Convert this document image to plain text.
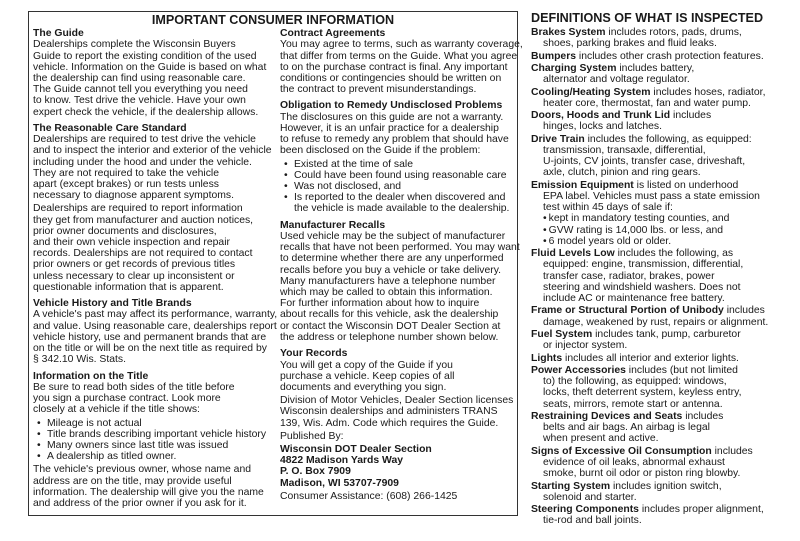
IMPORTANT CONSUMER INFORMATION
The Guide
Dealerships complete the Wisconsin Buyers
Guide to report the existing condition of the used
vehicle. Information on the Guide is based on what
the dealership can find using reasonable care.
The Guide cannot tell you everything you need
to know. Test drive the vehicle. Have your own
expert check the vehicle, if the dealership allows.
The Reasonable Care Standard
Dealerships are required to test drive the vehicle
and to inspect the interior and exterior of the vehicle
including under the hood and under the vehicle.
They are not required to take the vehicle
apart (except brakes) or run tests unless
necessary to diagnose apparent symptoms.
Dealerships are required to report information
they get from manufacturer and auction notices,
prior owner documents and disclosures,
and their own vehicle inspection and repair
records. Dealerships are not required to contact
prior owners or get records of previous titles
unless necessary to clear up inconsistent or
questionable information that is apparent.
Vehicle History and Title Brands
A vehicle's past may affect its performance, warranty,
and value. Using reasonable care, dealerships report
vehicle history, use and permanent brands that are
on the title or will be on the next title as required by
§ 342.10 Wis. Stats.
Information on the Title
Be sure to read both sides of the title before
you sign a purchase contract. Look more
closely at a vehicle if the title shows:
• Mileage is not actual
• Title brands describing important vehicle history
• Many owners since last title was issued
• A dealership as titled owner.
The vehicle's previous owner, whose name and
address are on the title, may provide useful
information. The dealership will give you the name
and address of the prior owner if you ask for it.
Contract Agreements
You may agree to terms, such as warranty coverage,
that differ from terms on the Guide. What you agree
to on the purchase contract is final. Any important
conditions or contingencies should be written on
the contract to prevent misunderstandings.
Obligation to Remedy Undisclosed Problems
The disclosures on this guide are not a warranty.
However, it is an unfair practice for a dealership
to refuse to remedy any problem that should have
been disclosed on the Guide if the problem:
• Existed at the time of sale
• Could have been found using reasonable care
• Was not disclosed, and
• Is reported to the dealer when discovered and
the vehicle is made available to the dealership.
Manufacturer Recalls
Used vehicle may be the subject of manufacturer
recalls that have not been performed. You may want
to determine whether there are any unperformed
recalls before you buy a vehicle or take delivery.
Many manufacturers have a telephone number
which may be called to obtain this information.
For further information about how to inquire
about recalls for this vehicle, ask the dealership
or contact the Wisconsin DOT Dealer Section at
the address or telephone number shown below.
Your Records
You will get a copy of the Guide if you
purchase a vehicle. Keep copies of all
documents and everything you sign.
Division of Motor Vehicles, Dealer Section licenses
Wisconsin dealerships and administers TRANS
139, Wis. Adm. Code which requires the Guide.
Published By:
Wisconsin DOT Dealer Section
4822 Madison Yards Way
P. O. Box 7909
Madison, WI 53707-7909
Consumer Assistance: (608) 266-1425
DEFINITIONS OF WHAT IS INSPECTED
Brakes System includes rotors, pads, drums,
shoes, parking brakes and fluid leaks.
Bumpers includes other crash protection features.
Charging System includes battery,
alternator and voltage regulator.
Cooling/Heating System includes hoses, radiator,
heater core, thermostat, fan and water pump.
Doors, Hoods and Trunk Lid includes
hinges, locks and latches.
Drive Train includes the following, as equipped:
transmission, transaxle, differential,
U-joints, CV joints, transfer case, driveshaft,
axle, clutch, pinion and ring gears.
Emission Equipment is listed on underhood
EPA label. Vehicles must pass a state emission
test within 45 days of sale if:
• kept in mandatory testing counties, and
• GVW rating is 14,000 lbs. or less, and
• 6 model years old or older.
Fluid Levels Low includes the following, as
equipped: engine, transmission, differential,
transfer case, radiator, brakes, power
steering and windshield washers. Does not
include AC or maintenance free battery.
Frame or Structural Portion of Unibody includes
damage, weakened by rust, repairs or alignment.
Fuel System includes tank, pump, carburetor
or injector system.
Lights includes all interior and exterior lights.
Power Accessories includes (but not limited
to) the following, as equipped: windows,
locks, theft deterrent system, keyless entry,
seats, mirrors, remote start or antenna.
Restraining Devices and Seats includes
belts and air bags. An airbag is legal
when present and active.
Signs of Excessive Oil Consumption includes
evidence of oil leaks, abnormal exhaust
smoke, burnt oil odor or piston ring blowby.
Starting System includes ignition switch,
solenoid and starter.
Steering Components includes proper alignment,
tie-rod and ball joints.
